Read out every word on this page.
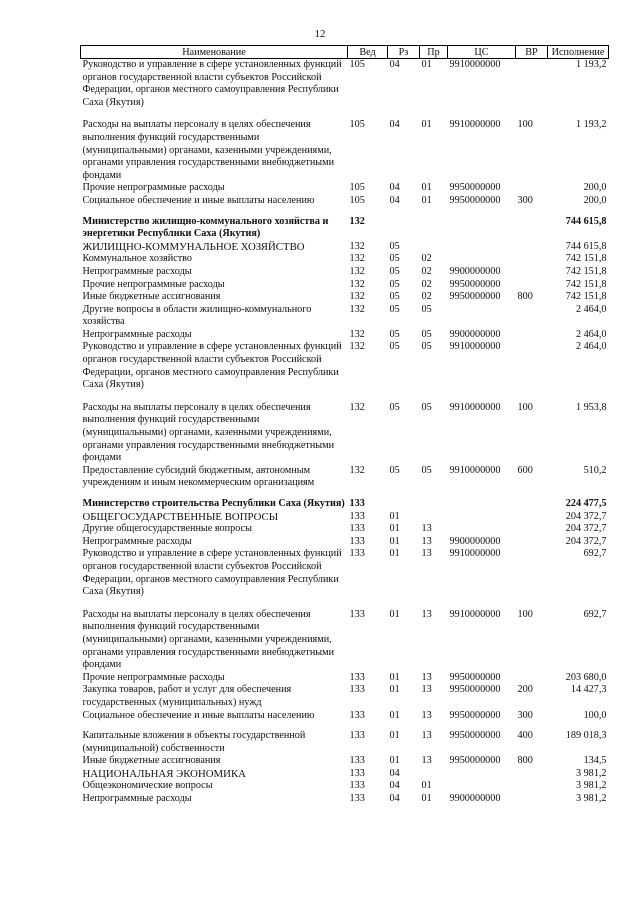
12
Наименование	Вед	Рз	Пр	ЦС	ВР	Исполнение
Руководство и управление в сфере установленных функций органов государственной власти субъектов Российской Федерации, органов местного самоуправления Республики Саха (Якутия)	105	04	01	9910000000		1 193,2

Расходы на выплаты персоналу в целях обеспечения выполнения функций государственными (муниципальными) органами, казенными учреждениями, органами управления государственными внебюджетными фондами	105	04	01	9910000000	100	1 193,2
Прочие непрограммные расходы	105	04	01	9950000000		200,0
Социальное обеспечение и иные выплаты населению	105	04	01	9950000000	300	200,0

Министерство жилищно-коммунального хозяйства и энергетики Республики Саха (Якутия)	132					744 615,8
ЖИЛИЩНО-КОММУНАЛЬНОЕ ХОЗЯЙСТВО	132	05				744 615,8
Коммунальное хозяйство	132	05	02			742 151,8
Непрограммные расходы	132	05	02	9900000000		742 151,8
Прочие непрограммные расходы	132	05	02	9950000000		742 151,8
Иные бюджетные ассигнования	132	05	02	9950000000	800	742 151,8
Другие вопросы в области жилищно-коммунального хозяйства	132	05	05			2 464,0
Непрограммные расходы	132	05	05	9900000000		2 464,0
Руководство и управление в сфере установленных функций органов государственной власти субъектов Российской Федерации, органов местного самоуправления Республики Саха (Якутия)	132	05	05	9910000000		2 464,0

Расходы на выплаты персоналу в целях обеспечения выполнения функций государственными (муниципальными) органами, казенными учреждениями, органами управления государственными внебюджетными фондами	132	05	05	9910000000	100	1 953,8
Предоставление субсидий бюджетным, автономным учреждениям и иным некоммерческим организациям	132	05	05	9910000000	600	510,2

Министерство строительства Республики Саха (Якутия)	133					224 477,5
ОБЩЕГОСУДАРСТВЕННЫЕ ВОПРОСЫ	133	01				204 372,7
Другие общегосударственные вопросы	133	01	13			204 372,7
Непрограммные расходы	133	01	13	9900000000		204 372,7
Руководство и управление в сфере установленных функций органов государственной власти субъектов Российской Федерации, органов местного самоуправления Республики Саха (Якутия)	133	01	13	9910000000		692,7

Расходы на выплаты персоналу в целях обеспечения выполнения функций государственными (муниципальными) органами, казенными учреждениями, органами управления государственными внебюджетными фондами	133	01	13	9910000000	100	692,7
Прочие непрограммные расходы	133	01	13	9950000000		203 680,0
Закупка товаров, работ и услуг для обеспечения государственных (муниципальных) нужд	133	01	13	9950000000	200	14 427,3
Социальное обеспечение и иные выплаты населению	133	01	13	9950000000	300	100,0

Капитальные вложения в объекты государственной (муниципальной) собственности	133	01	13	9950000000	400	189 018,3
Иные бюджетные ассигнования	133	01	13	9950000000	800	134,5
НАЦИОНАЛЬНАЯ ЭКОНОМИКА	133	04				3 981,2
Общеэкономические вопросы	133	04	01			3 981,2
Непрограммные расходы	133	04	01	9900000000		3 981,2
